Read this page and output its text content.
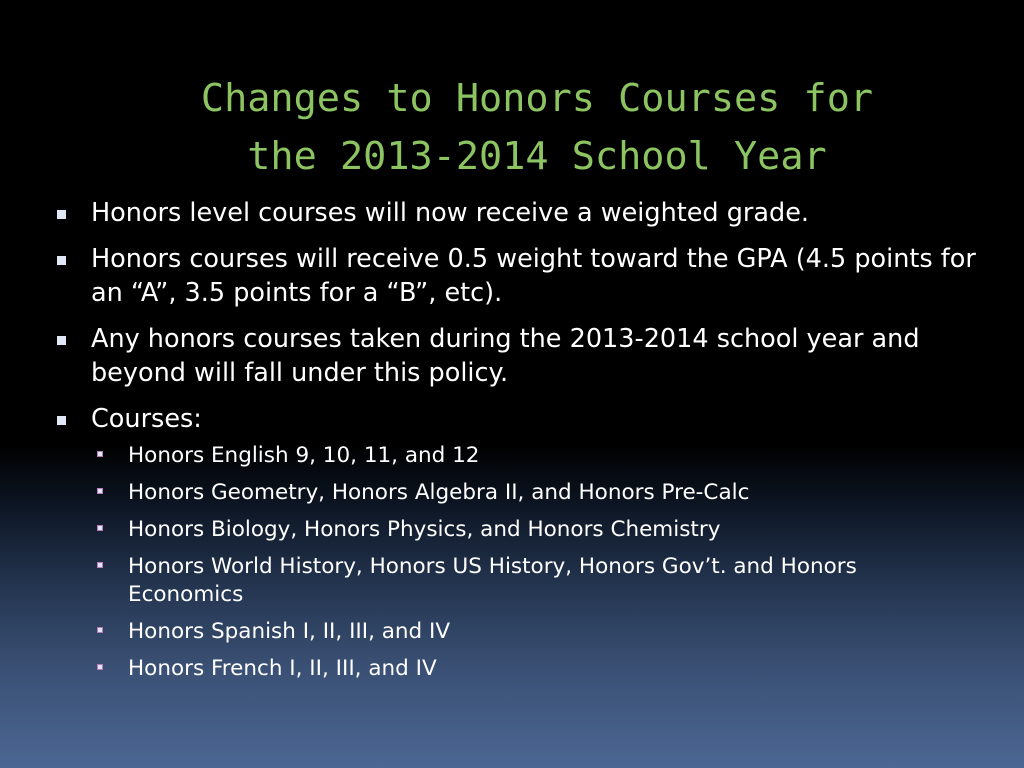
Changes to Honors Courses for
the 2013-2014 School Year
Honors level courses will now receive a weighted grade.
Honors courses will receive 0.5 weight toward the GPA (4.5 points for an “A”, 3.5 points for a “B”, etc).
Any honors courses taken during the 2013-2014 school year and beyond will fall under this policy.
Courses:
Honors English 9, 10, 11, and 12
Honors Geometry, Honors Algebra II, and Honors Pre-Calc
Honors Biology, Honors Physics, and Honors Chemistry
Honors World History, Honors US History, Honors Gov’t. and Honors Economics
Honors Spanish I, II, III, and IV
Honors French I, II, III, and IV
